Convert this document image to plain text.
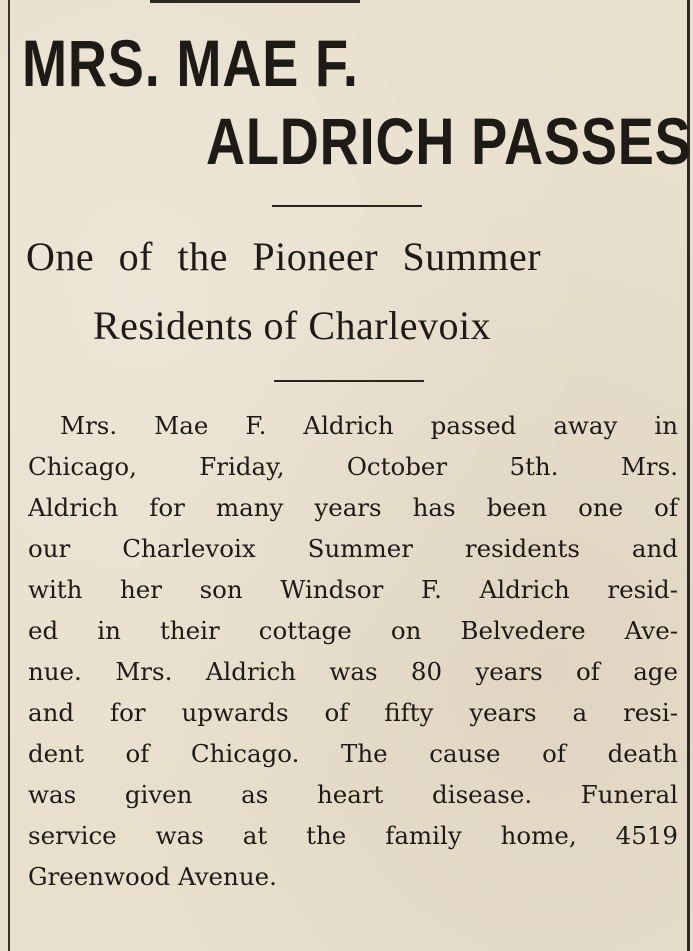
MRS. MAE F.
ALDRICH PASSES
One of the Pioneer Summer
Residents of Charlevoix
Mrs. Mae F. Aldrich passed away in
Chicago, Friday, October 5th. Mrs.
Aldrich for many years has been one of
our Charlevoix Summer residents and
with her son Windsor F. Aldrich resid-
ed in their cottage on Belvedere Ave-
nue. Mrs. Aldrich was 80 years of age
and for upwards of fifty years a resi-
dent of Chicago. The cause of death
was given as heart disease. Funeral
service was at the family home, 4519
Greenwood Avenue.
